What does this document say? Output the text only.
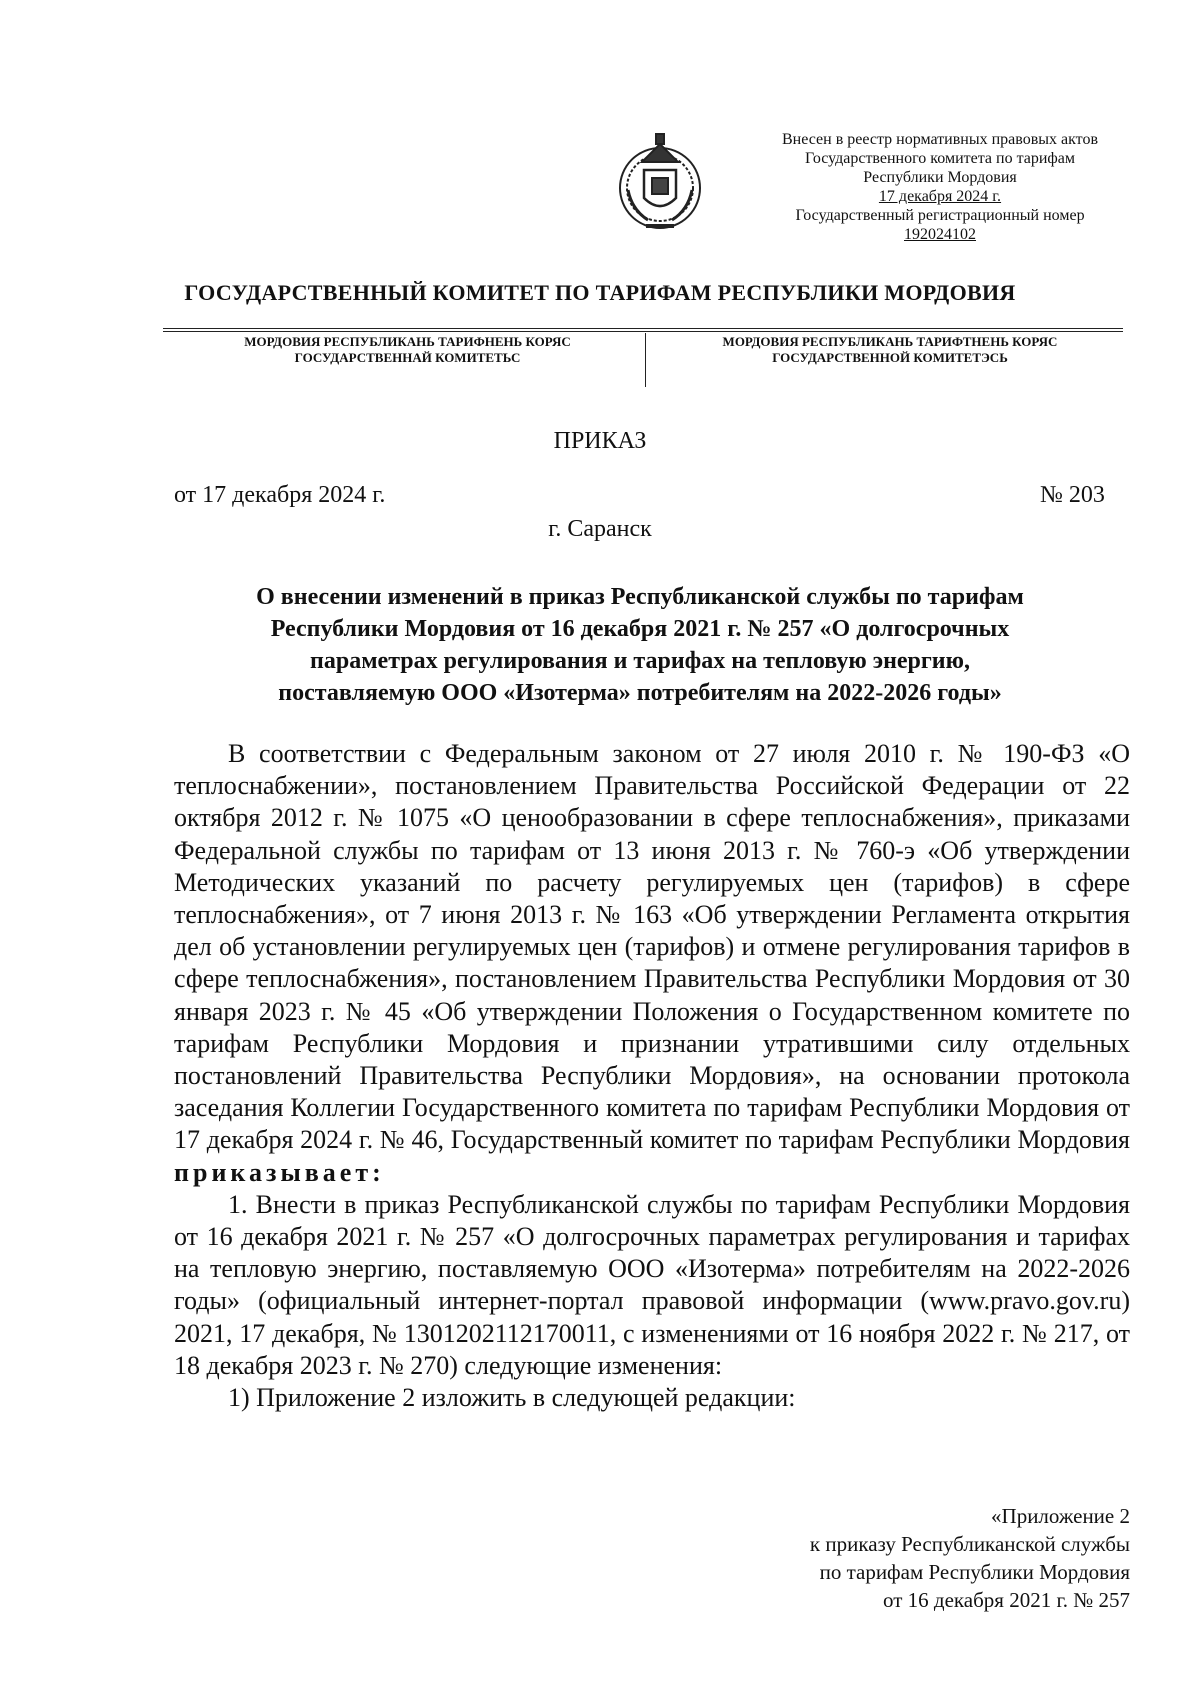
Внесен в реестр нормативных правовых актов
Государственного комитета по тарифам
Республики Мордовия
17 декабря 2024 г.
Государственный регистрационный номер
192024102
ГОСУДАРСТВЕННЫЙ КОМИТЕТ ПО ТАРИФАМ РЕСПУБЛИКИ МОРДОВИЯ
МОРДОВИЯ РЕСПУБЛИКАНЬ ТАРИФНЕНЬ КОРЯС
ГОСУДАРСТВЕННАЙ КОМИТЕТЬС
МОРДОВИЯ РЕСПУБЛИКАНЬ ТАРИФТНЕНЬ КОРЯС
ГОСУДАРСТВЕННОЙ КОМИТЕТЭСЬ
ПРИКАЗ
от 17 декабря 2024 г.	№ 203
г. Саранск
О внесении изменений в приказ Республиканской службы по тарифам
Республики Мордовия от 16 декабря 2021 г. № 257 «О долгосрочных
параметрах регулирования и тарифах на тепловую энергию,
поставляемую ООО «Изотерма» потребителям на 2022-2026 годы»

В соответствии с Федеральным законом от 27 июля 2010 г. № 190-ФЗ «О теплоснабжении», постановлением Правительства Российской Федерации от 22 октября 2012 г. № 1075 «О ценообразовании в сфере теплоснабжения», приказами Федеральной службы по тарифам от 13 июня 2013 г. № 760-э «Об утверждении Методических указаний по расчету регулируемых цен (тарифов) в сфере теплоснабжения», от 7 июня 2013 г. № 163 «Об утверждении Регламента открытия дел об установлении регулируемых цен (тарифов) и отмене регулирования тарифов в сфере теплоснабжения», постановлением Правительства Республики Мордовия от 30 января 2023 г. № 45 «Об утверждении Положения о Государственном комитете по тарифам Республики Мордовия и признании утратившими силу отдельных постановлений Правительства Республики Мордовия», на основании протокола заседания Коллегии Государственного комитета по тарифам Республики Мордовия от 17 декабря 2024 г. № 46, Государственный комитет по тарифам Республики Мордовия приказывает:

1. Внести в приказ Республиканской службы по тарифам Республики Мордовия от 16 декабря 2021 г. № 257 «О долгосрочных параметрах регулирования и тарифах на тепловую энергию, поставляемую ООО «Изотерма» потребителям на 2022-2026 годы» (официальный интернет-портал правовой информации (www.pravo.gov.ru) 2021, 17 декабря, № 1301202112170011, с изменениями от 16 ноября 2022 г. № 217, от 18 декабря 2023 г. № 270) следующие изменения:

1) Приложение 2 изложить в следующей редакции:

«Приложение 2
к приказу Республиканской службы
по тарифам Республики Мордовия
от 16 декабря 2021 г. № 257
